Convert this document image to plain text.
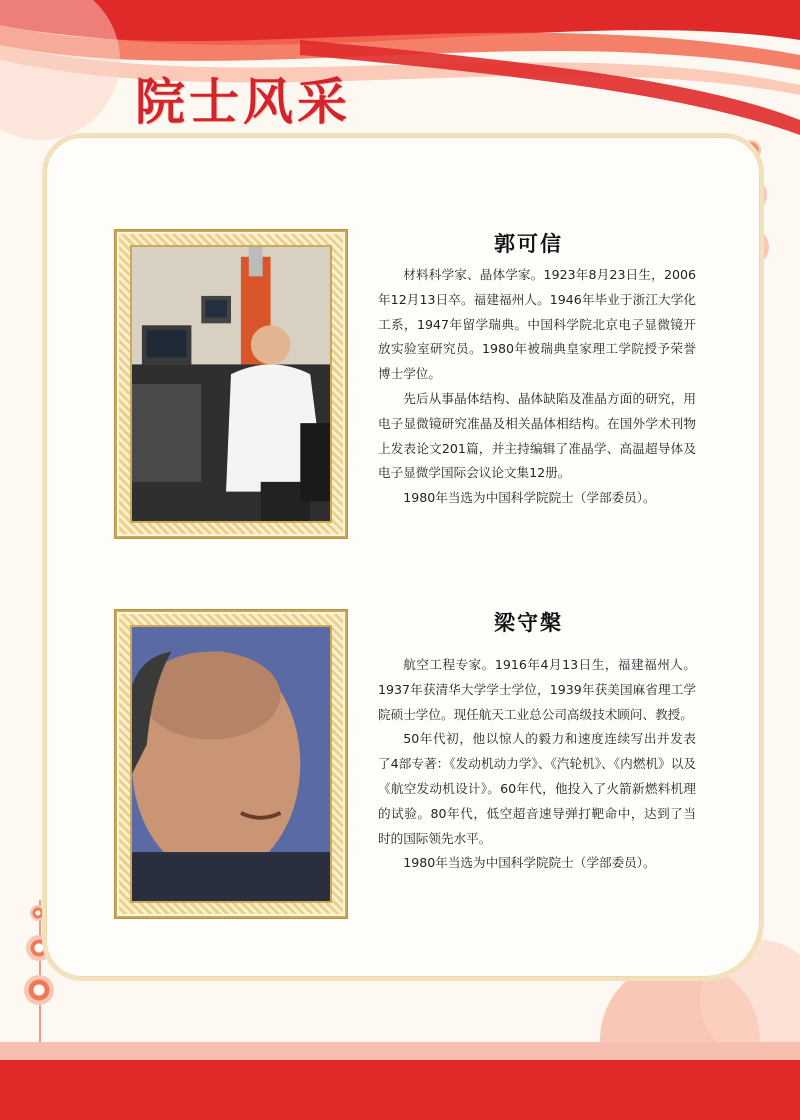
院士风采
郭可信

材料科学家、晶体学家。1923年8月23日生，2006年12月13日卒。福建福州人。1946年毕业于浙江大学化工系，1947年留学瑞典。中国科学院北京电子显微镜开放实验室研究员。1980年被瑞典皇家理工学院授予荣誉博士学位。

先后从事晶体结构、晶体缺陷及准晶方面的研究，用电子显微镜研究准晶及相关晶体相结构。在国外学术刊物上发表论文201篇，并主持编辑了准晶学、高温超导体及电子显微学国际会议论文集12册。

1980年当选为中国科学院院士（学部委员）。

梁守槃

航空工程专家。1916年4月13日生，福建福州人。1937年获清华大学学士学位，1939年获美国麻省理工学院硕士学位。现任航天工业总公司高级技术顾问、教授。

50年代初，他以惊人的毅力和速度连续写出并发表了4部专著：《发动机动力学》、《汽轮机》、《内燃机》以及《航空发动机设计》。60年代，他投入了火箭新燃料机理的试验。80年代，低空超音速导弹打靶命中，达到了当时的国际领先水平。

1980年当选为中国科学院院士（学部委员）。
